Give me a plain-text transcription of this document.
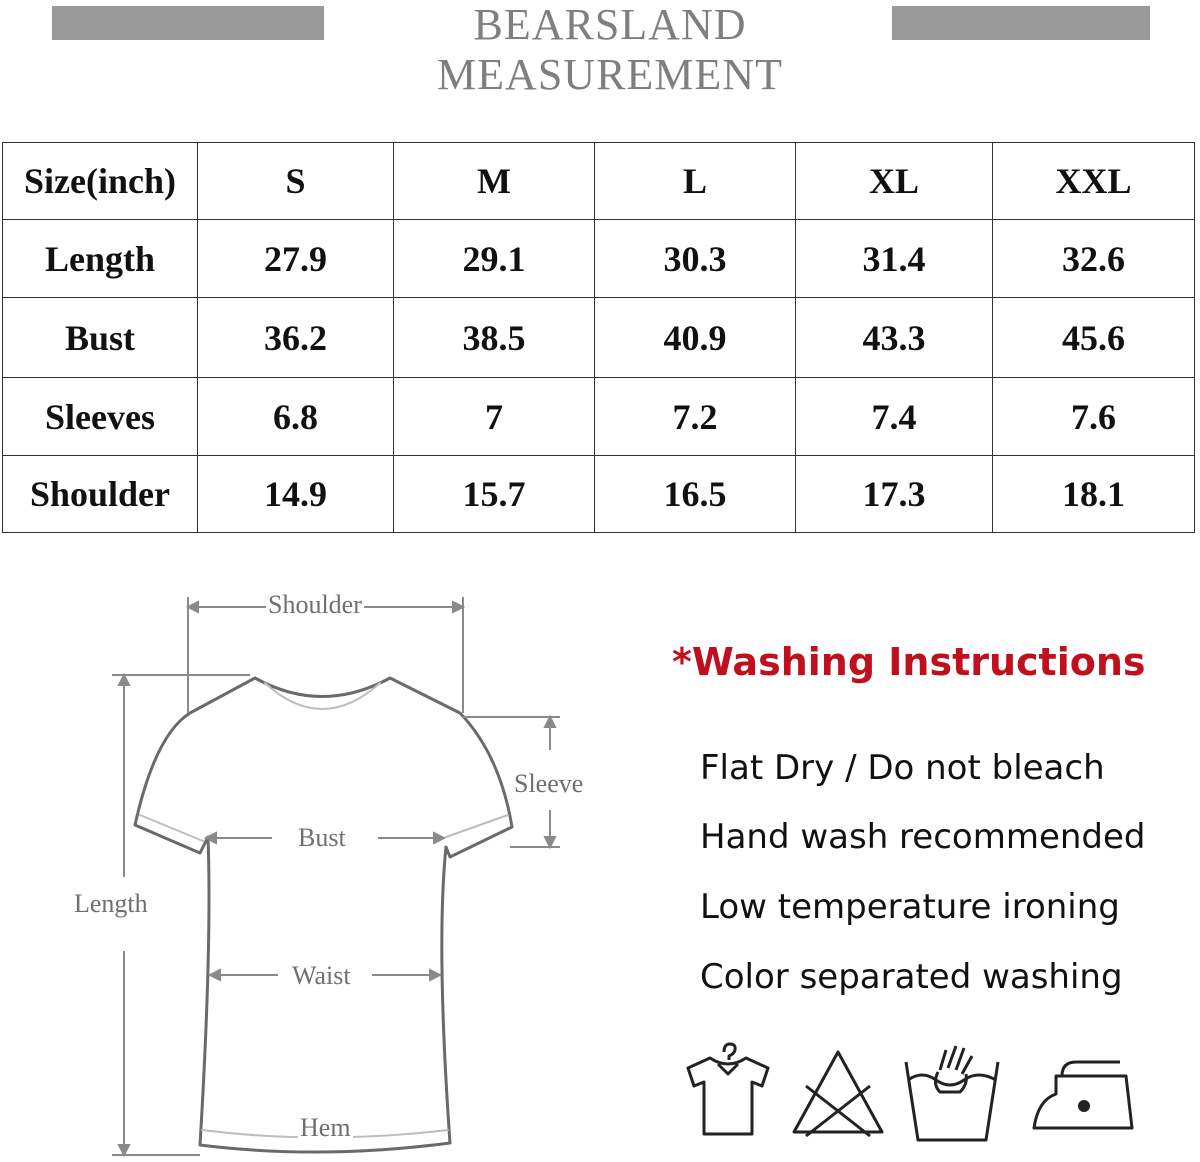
BEARSLAND MEASUREMENT
Size(inch)	S	M	L	XL	XXL
Length	27.9	29.1	30.3	31.4	32.6
Bust	36.2	38.5	40.9	43.3	45.6
Sleeves	6.8	7	7.2	7.4	7.6
Shoulder	14.9	15.7	16.5	17.3	18.1
Shoulder
Sleeve
Bust
Length
Waist
Hem
*Washing Instructions
Flat Dry / Do not bleach
Hand wash recommended
Low temperature ironing
Color separated washing
